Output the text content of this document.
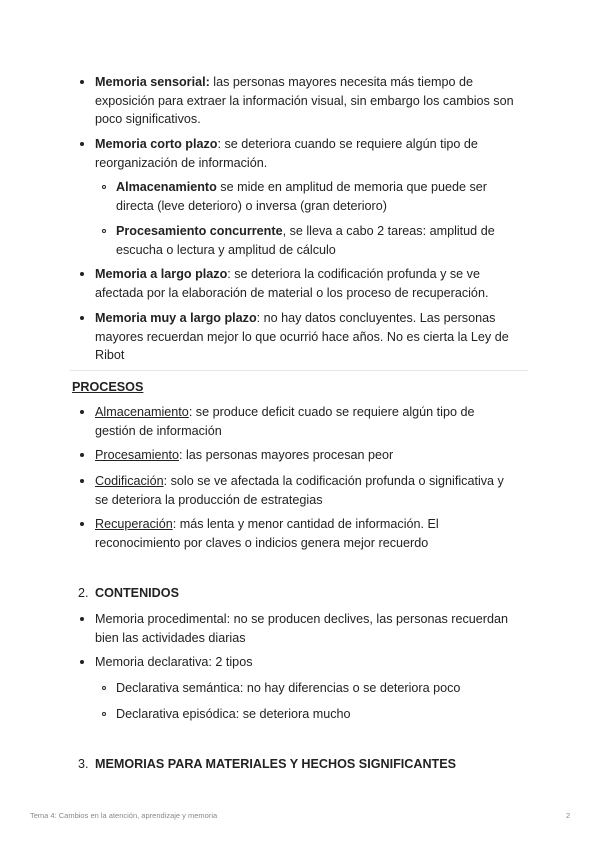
Memoria sensorial: las personas mayores necesita más tiempo de
exposición para extraer la información visual, sin embargo los cambios son
poco significativos.
Memoria corto plazo: se deteriora cuando se requiere algún tipo de
reorganización de información.
Almacenamiento se mide en amplitud de memoria que puede ser
directa (leve deterioro) o inversa (gran deterioro)
Procesamiento concurrente, se lleva a cabo 2 tareas: amplitud de
escucha o lectura y amplitud de cálculo
Memoria a largo plazo: se deteriora la codificación profunda y se ve
afectada por la elaboración de material o los proceso de recuperación.
Memoria muy a largo plazo: no hay datos concluyentes. Las personas
mayores recuerdan mejor lo que ocurrió hace años. No es cierta la Ley de
Ribot
PROCESOS
Almacenamiento: se produce deficit cuado se requiere algún tipo de
gestión de información
Procesamiento: las personas mayores procesan peor
Codificación: solo se ve afectada la codificación profunda o significativa y
se deteriora la producción de estrategias
Recuperación: más lenta y menor cantidad de información. El
reconocimiento por claves o indicios genera mejor recuerdo
2. CONTENIDOS
Memoria procedimental: no se producen declives, las personas recuerdan
bien las actividades diarias
Memoria declarativa: 2 tipos
Declarativa semántica: no hay diferencias o se deteriora poco
Declarativa episódica: se deteriora mucho
3. MEMORIAS PARA MATERIALES Y HECHOS SIGNIFICANTES
Tema 4: Cambios en la atención, aprendizaje y memoria	2
